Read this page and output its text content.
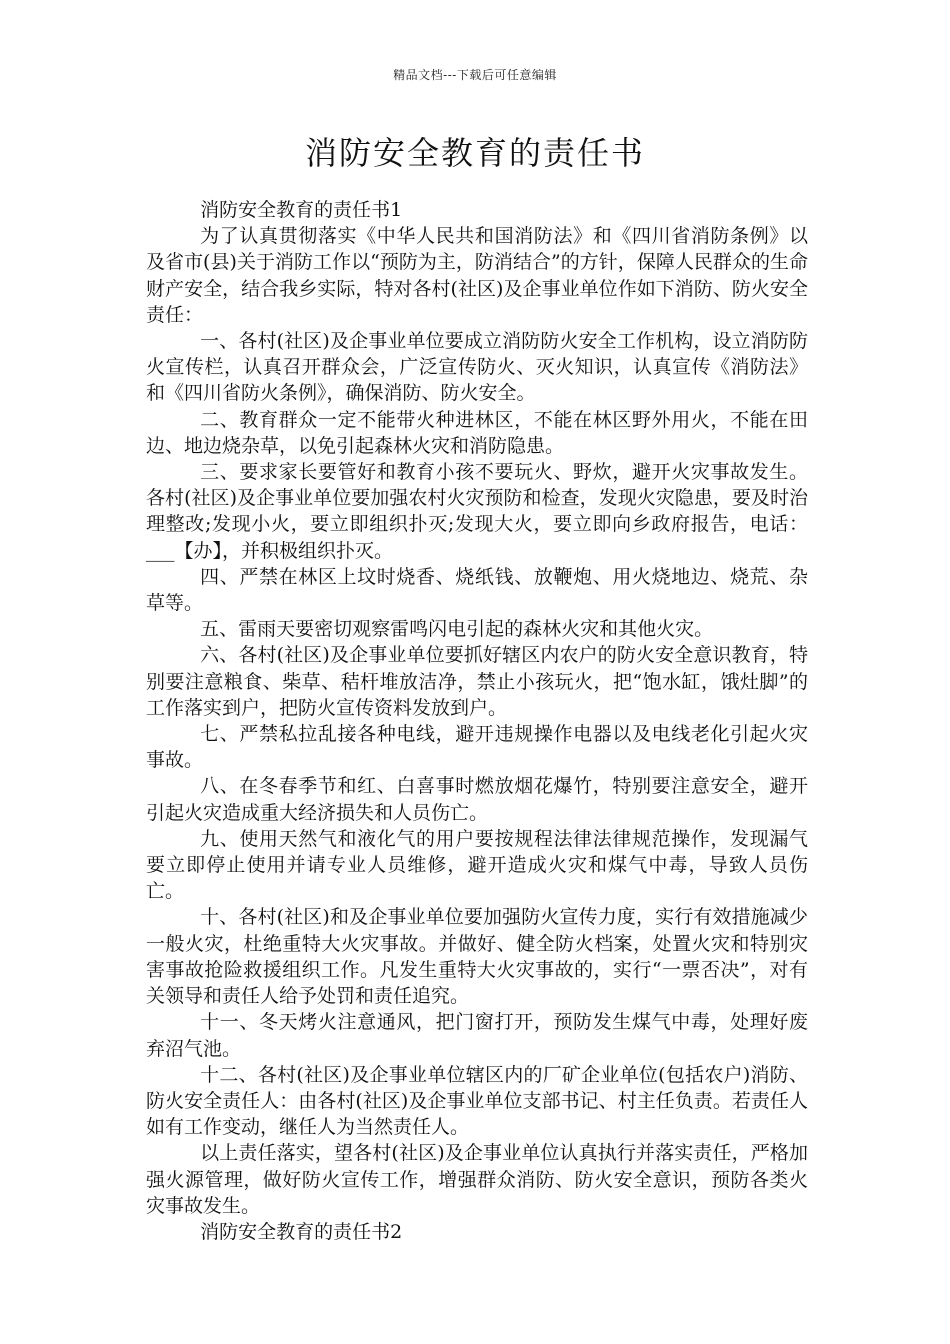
精品文档---下载后可任意编辑
消防安全教育的责任书

消防安全教育的责任书1

为了认真贯彻落实《中华人民共和国消防法》和《四川省消防条例》以及省市(县)关于消防工作以“预防为主，防消结合”的方针，保障人民群众的生命财产安全，结合我乡实际，特对各村(社区)及企事业单位作如下消防、防火安全责任：

一、各村(社区)及企事业单位要成立消防防火安全工作机构，设立消防防火宣传栏，认真召开群众会，广泛宣传防火、灭火知识，认真宣传《消防法》和《四川省防火条例》，确保消防、防火安全。

二、教育群众一定不能带火种进林区，不能在林区野外用火，不能在田边、地边烧杂草，以免引起森林火灾和消防隐患。

三、要求家长要管好和教育小孩不要玩火、野炊，避开火灾事故发生。各村(社区)及企事业单位要加强农村火灾预防和检查，发现火灾隐患，要及时治理整改;发现小火，要立即组织扑灭;发现大火，要立即向乡政府报告，电话：___【办】，并积极组织扑灭。

四、严禁在林区上坟时烧香、烧纸钱、放鞭炮、用火烧地边、烧荒、杂草等。

五、雷雨天要密切观察雷鸣闪电引起的森林火灾和其他火灾。

六、各村(社区)及企事业单位要抓好辖区内农户的防火安全意识教育，特别要注意粮食、柴草、秸杆堆放洁净，禁止小孩玩火，把“饱水缸，饿灶脚”的工作落实到户，把防火宣传资料发放到户。

七、严禁私拉乱接各种电线，避开违规操作电器以及电线老化引起火灾事故。

八、在冬春季节和红、白喜事时燃放烟花爆竹，特别要注意安全，避开引起火灾造成重大经济损失和人员伤亡。

九、使用天然气和液化气的用户要按规程法律法律规范操作，发现漏气要立即停止使用并请专业人员维修，避开造成火灾和煤气中毒，导致人员伤亡。

十、各村(社区)和及企事业单位要加强防火宣传力度，实行有效措施减少一般火灾，杜绝重特大火灾事故。并做好、健全防火档案，处置火灾和特别灾害事故抢险救援组织工作。凡发生重特大火灾事故的，实行“一票否决”，对有关领导和责任人给予处罚和责任追究。

十一、冬天烤火注意通风，把门窗打开，预防发生煤气中毒，处理好废弃沼气池。

十二、各村(社区)及企事业单位辖区内的厂矿企业单位(包括农户)消防、防火安全责任人：由各村(社区)及企事业单位支部书记、村主任负责。若责任人如有工作变动，继任人为当然责任人。

以上责任落实，望各村(社区)及企事业单位认真执行并落实责任，严格加强火源管理，做好防火宣传工作，增强群众消防、防火安全意识，预防各类火灾事故发生。

消防安全教育的责任书2
